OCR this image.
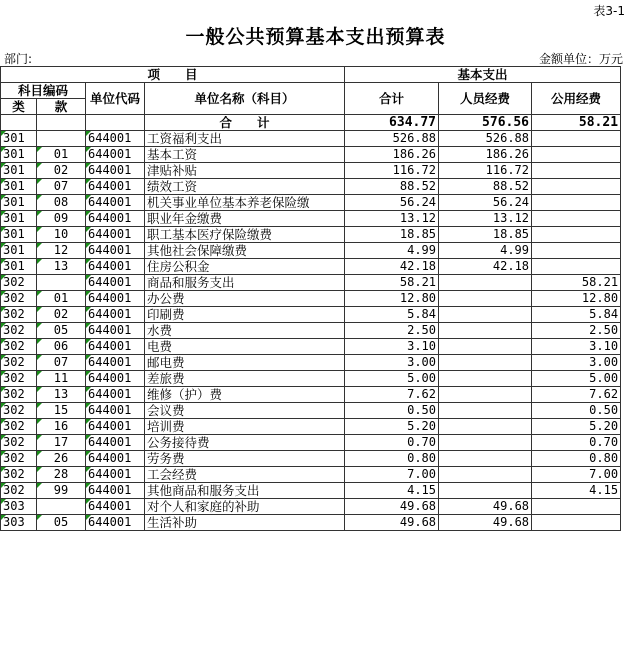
表3-1
一般公共预算基本支出预算表
部门:	金额单位：万元
项　　目				基本支出		
科目编码		单位代码	单位名称（科目）	合计	人员经费	公用经费
类	款					
			合　　计	634.77	576.56	58.21
301		644001	工资福利支出	526.88	526.88	
301	01	644001	基本工资	186.26	186.26	
301	02	644001	津贴补贴	116.72	116.72	
301	07	644001	绩效工资	88.52	88.52	
301	08	644001	机关事业单位基本养老保险缴	56.24	56.24	
301	09	644001	职业年金缴费	13.12	13.12	
301	10	644001	职工基本医疗保险缴费	18.85	18.85	
301	12	644001	其他社会保障缴费	4.99	4.99	
301	13	644001	住房公积金	42.18	42.18	
302		644001	商品和服务支出	58.21		58.21
302	01	644001	办公费	12.80		12.80
302	02	644001	印刷费	5.84		5.84
302	05	644001	水费	2.50		2.50
302	06	644001	电费	3.10		3.10
302	07	644001	邮电费	3.00		3.00
302	11	644001	差旅费	5.00		5.00
302	13	644001	维修（护）费	7.62		7.62
302	15	644001	会议费	0.50		0.50
302	16	644001	培训费	5.20		5.20
302	17	644001	公务接待费	0.70		0.70
302	26	644001	劳务费	0.80		0.80
302	28	644001	工会经费	7.00		7.00
302	99	644001	其他商品和服务支出	4.15		4.15
303		644001	对个人和家庭的补助	49.68	49.68	
303	05	644001	生活补助	49.68	49.68	
